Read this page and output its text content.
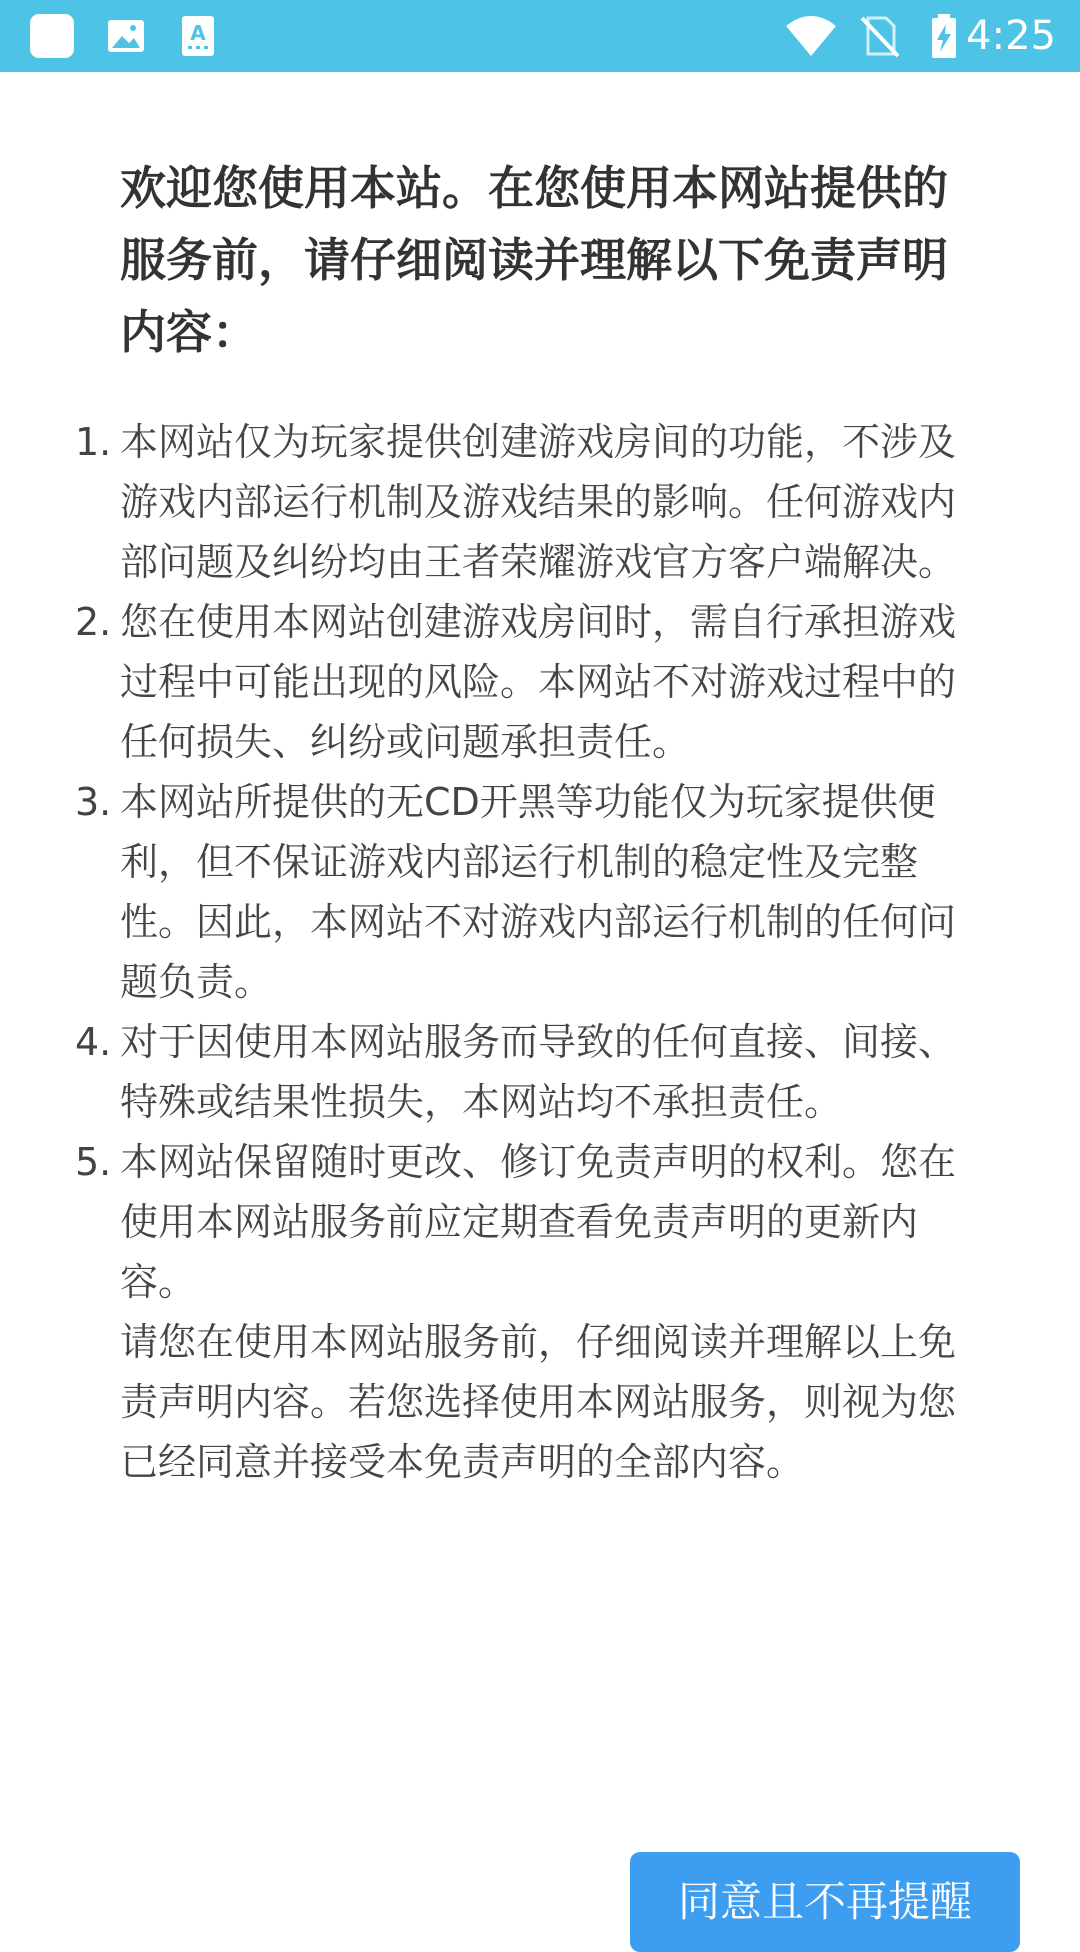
A	4:25
欢迎您使用本站。在您使用本网站提供的服务前，请仔细阅读并理解以下免责声明内容：
1. 本网站仅为玩家提供创建游戏房间的功能，不涉及游戏内部运行机制及游戏结果的影响。任何游戏内部问题及纠纷均由王者荣耀游戏官方客户端解决。
2. 您在使用本网站创建游戏房间时，需自行承担游戏过程中可能出现的风险。本网站不对游戏过程中的任何损失、纠纷或问题承担责任。
3. 本网站所提供的无CD开黑等功能仅为玩家提供便利，但不保证游戏内部运行机制的稳定性及完整性。因此，本网站不对游戏内部运行机制的任何问题负责。
4. 对于因使用本网站服务而导致的任何直接、间接、特殊或结果性损失，本网站均不承担责任。
5. 本网站保留随时更改、修订免责声明的权利。您在使用本网站服务前应定期查看免责声明的更新内容。

请您在使用本网站服务前，仔细阅读并理解以上免责声明内容。若您选择使用本网站服务，则视为您已经同意并接受本免责声明的全部内容。

同意且不再提醒
